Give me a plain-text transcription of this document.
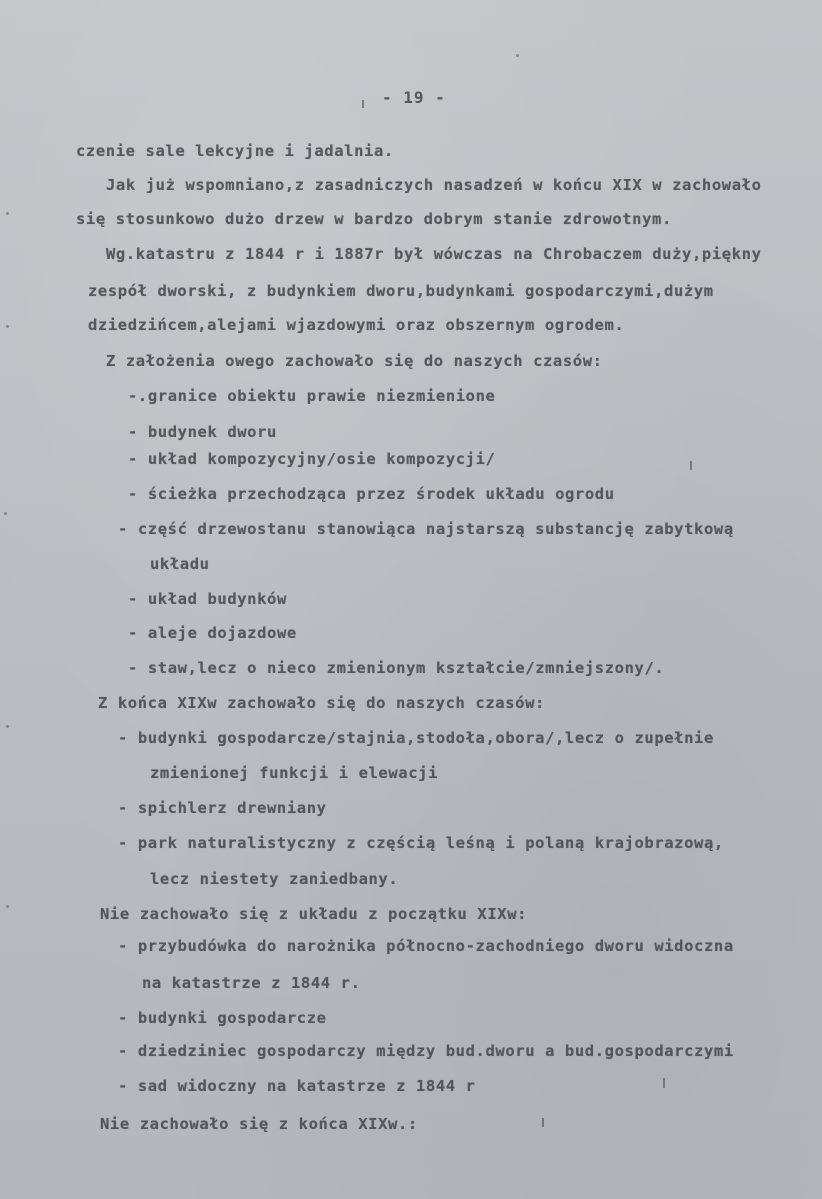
- 19 -
czenie sale lekcyjne i jadalnia.
Jak już wspomniano,z zasadniczych nasadzeń w końcu XIX w zachowało
się stosunkowo dużo drzew w bardzo dobrym stanie zdrowotnym.
Wg.katastru z 1844 r i 1887r był wówczas na Chrobaczem duży,piękny
zespół dworski, z budynkiem dworu,budynkami gospodarczymi,dużym
dziedzińcem,alejami wjazdowymi oraz obszernym ogrodem.
Z założenia owego zachowało się do naszych czasów:
-.granice obiektu prawie niezmienione
- budynek dworu
- układ kompozycyjny/osie kompozycji/
- ścieżka przechodząca przez środek układu ogrodu
- część drzewostanu stanowiąca najstarszą substancję zabytkową
układu
- układ budynków
- aleje dojazdowe
- staw,lecz o nieco zmienionym kształcie/zmniejszony/.
Z końca XIXw zachowało się do naszych czasów:
- budynki gospodarcze/stajnia,stodoła,obora/,lecz o zupełnie
zmienionej funkcji i elewacji
- spichlerz drewniany
- park naturalistyczny z częścią leśną i polaną krajobrazową,
lecz niestety zaniedbany.
Nie zachowało się z układu z początku XIXw:
- przybudówka do narożnika północno-zachodniego dworu widoczna
na katastrze z 1844 r.
- budynki gospodarcze
- dziedziniec gospodarczy między bud.dworu a bud.gospodarczymi
- sad widoczny na katastrze z 1844 r
Nie zachowało się z końca XIXw.:
